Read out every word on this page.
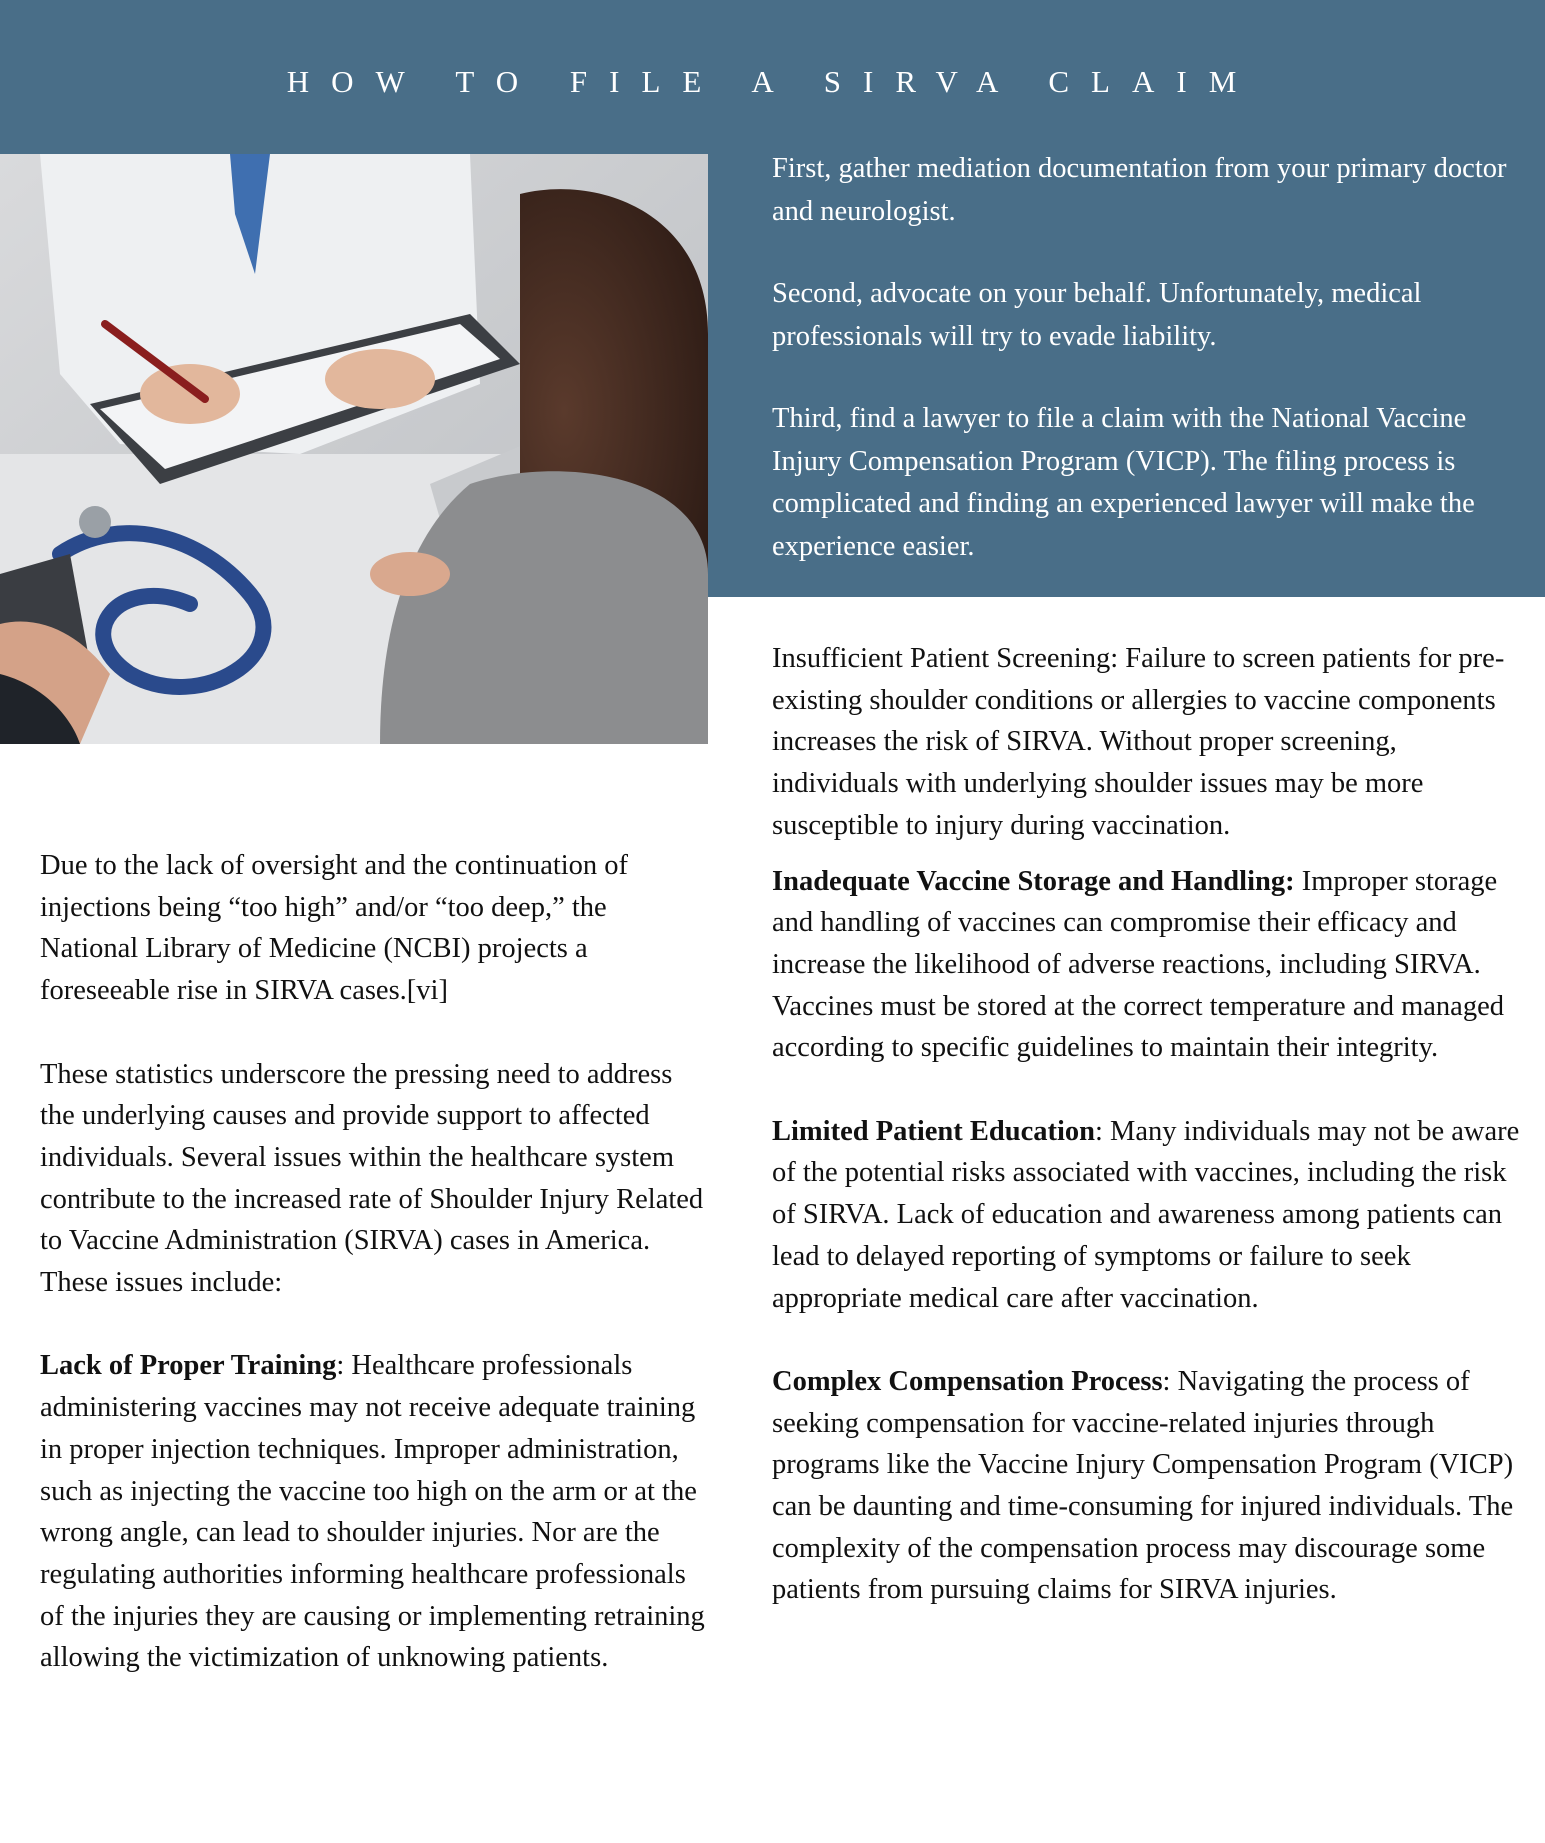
HOW TO FILE A SIRVA CLAIM

First, gather mediation documentation from your primary doctor and neurologist.

Second, advocate on your behalf. Unfortunately, medical professionals will try to evade liability.

Third, find a lawyer to file a claim with the National Vaccine Injury Compensation Program (VICP). The filing process is complicated and finding an experienced lawyer will make the experience easier.

Due to the lack of oversight and the continuation of injections being “too high” and/or “too deep,” the National Library of Medicine (NCBI) projects a foreseeable rise in SIRVA cases.[vi]

These statistics underscore the pressing need to address the underlying causes and provide support to affected individuals. Several issues within the healthcare system contribute to the increased rate of Shoulder Injury Related to Vaccine Administration (SIRVA) cases in America. These issues include:

Lack of Proper Training: Healthcare professionals administering vaccines may not receive adequate training in proper injection techniques. Improper administration, such as injecting the vaccine too high on the arm or at the wrong angle, can lead to shoulder injuries. Nor are the regulating authorities informing healthcare professionals of the injuries they are causing or implementing retraining allowing the victimization of unknowing patients.

Insufficient Patient Screening: Failure to screen patients for pre-existing shoulder conditions or allergies to vaccine components increases the risk of SIRVA. Without proper screening, individuals with underlying shoulder issues may be more susceptible to injury during vaccination.

Inadequate Vaccine Storage and Handling: Improper storage and handling of vaccines can compromise their efficacy and increase the likelihood of adverse reactions, including SIRVA. Vaccines must be stored at the correct temperature and managed according to specific guidelines to maintain their integrity.

Limited Patient Education: Many individuals may not be aware of the potential risks associated with vaccines, including the risk of SIRVA. Lack of education and awareness among patients can lead to delayed reporting of symptoms or failure to seek appropriate medical care after vaccination.

Complex Compensation Process: Navigating the process of seeking compensation for vaccine-related injuries through programs like the Vaccine Injury Compensation Program (VICP) can be daunting and time-consuming for injured individuals. The complexity of the compensation process may discourage some patients from pursuing claims for SIRVA injuries.
